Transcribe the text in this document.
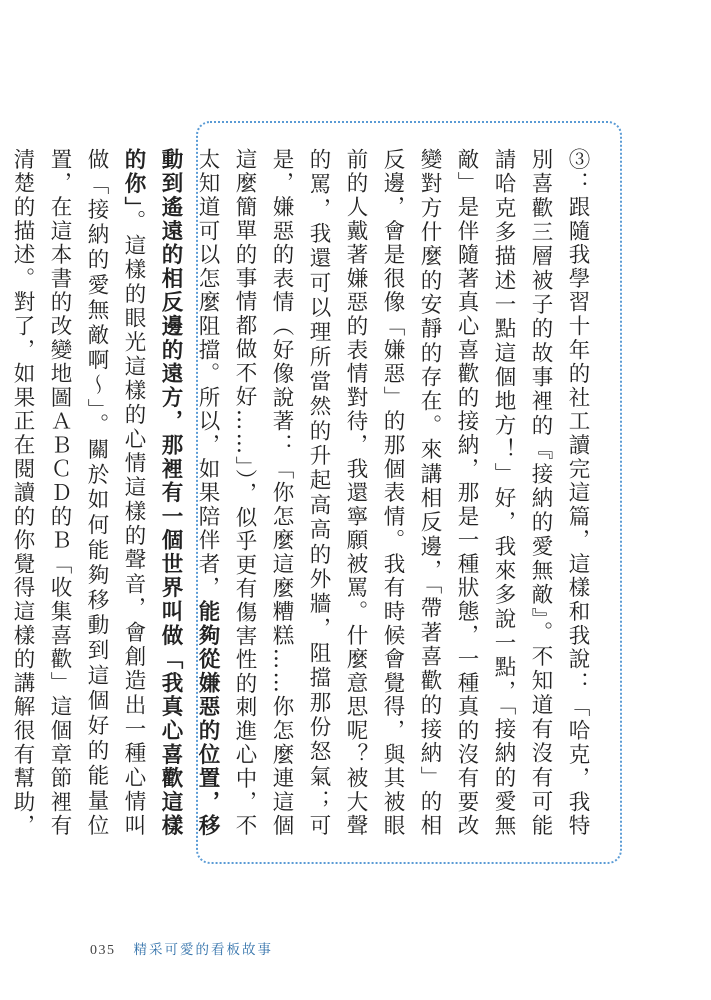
③：跟隨我學習十年的社工讀完這篇，這樣和我說：「哈克，我特別喜歡三層被子的故事裡的『接納的愛無敵』。不知道有沒有可能請哈克多描述一點這個地方！」好，我來多說一點，「接納的愛無敵」是伴隨著真心喜歡的接納，那是一種狀態，一種真的沒有要改變對方什麼的安靜的存在。來講相反邊，「帶著喜歡的接納」的相反邊，會是很像「嫌惡」的那個表情。我有時候會覺得，與其被眼前的人戴著嫌惡的表情對待，我還寧願被罵。什麼意思呢？被大聲的罵，我還可以理所當然的升起高高的外牆，阻擋那份怒氣；可是，嫌惡的表情（好像說著：「你怎麼這麼糟糕……你怎麼連這個這麼簡單的事情都做不好……」），似乎更有傷害性的刺進心中，不太知道可以怎麼阻擋。所以，如果陪伴者，能夠從嫌惡的位置，移動到遙遠的相反邊的遠方，那裡有一個世界叫做「我真心喜歡這樣的你」。這樣的眼光這樣的心情這樣的聲音，會創造出一種心情叫做「接納的愛無敵啊～」。關於如何能夠移動到這個好的能量位置，在這本書的改變地圖ＡＢＣＤ的Ｂ「收集喜歡」這個章節裡有清楚的描述。對了，如果正在閱讀的你覺得這樣的講解很有幫助，

035 精采可愛的看板故事
